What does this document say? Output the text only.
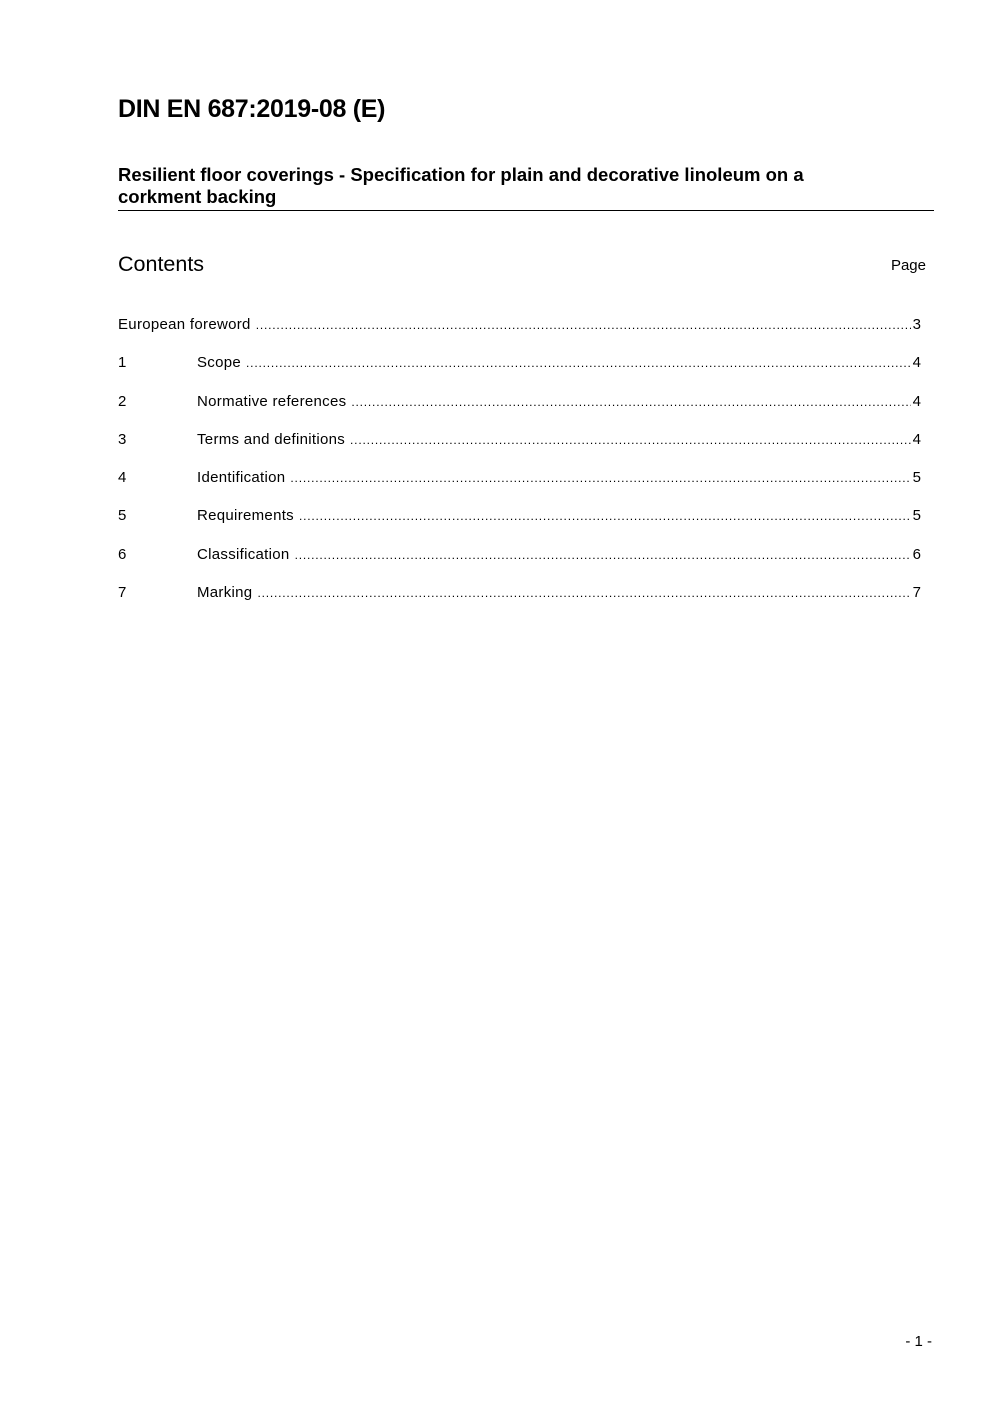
DIN EN 687:2019-08 (E)
Resilient floor coverings - Specification for plain and decorative linoleum on a corkment backing
Contents	Page
European foreword .....	3
1	Scope .....	4
2	Normative references .....	4
3	Terms and definitions .....	4
4	Identification .....	5
5	Requirements .....	5
6	Classification .....	6
7	Marking .....	7
- 1 -
